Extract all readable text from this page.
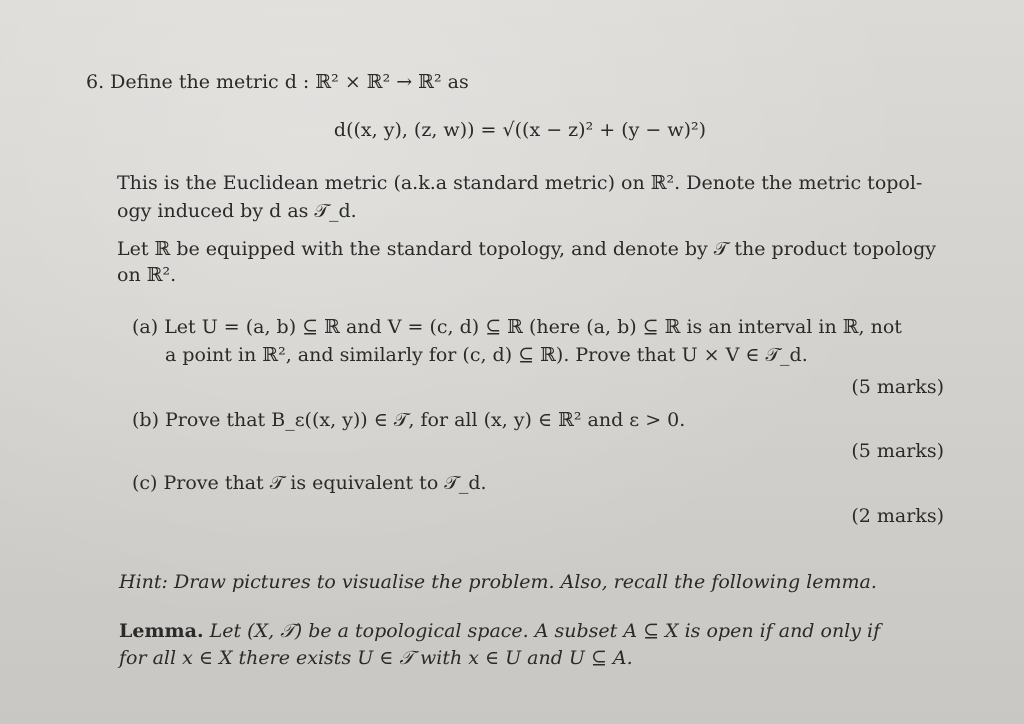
6. Define the metric d : ℝ² × ℝ² → ℝ² as
d((x, y), (z, w)) = √((x − z)² + (y − w)²)
This is the Euclidean metric (a.k.a standard metric) on ℝ². Denote the metric topol-
ogy induced by d as 𝒯_d.
Let ℝ be equipped with the standard topology, and denote by 𝒯 the product topology
on ℝ².
(a) Let U = (a, b) ⊆ ℝ and V = (c, d) ⊆ ℝ (here (a, b) ⊆ ℝ is an interval in ℝ, not
a point in ℝ², and similarly for (c, d) ⊆ ℝ). Prove that U × V ∈ 𝒯_d.
(5 marks)
(b) Prove that B_ε((x, y)) ∈ 𝒯, for all (x, y) ∈ ℝ² and ε > 0.
(5 marks)
(c) Prove that 𝒯 is equivalent to 𝒯_d.
(2 marks)
Hint: Draw pictures to visualise the problem. Also, recall the following lemma.
Lemma. Let (X, 𝒯) be a topological space. A subset A ⊆ X is open if and only if
for all x ∈ X there exists U ∈ 𝒯 with x ∈ U and U ⊆ A.
